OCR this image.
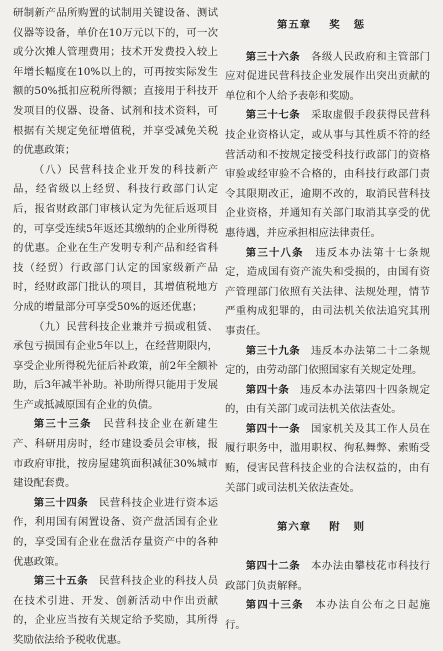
研制新产品所购置的试制用关键设备、测试仪器等设备，单价在10万元以下的，可一次或分次摊人管理费用；技术开发费投入较上年增长幅度在10%以上的，可再按实际发生额的50%抵扣应税所得额；直接用于科技开发项目的仪器、设备、试剂和技术资料，可根据有关规定免征增值税，并享受减免关税的优惠政策；

（八）民营科技企业开发的科技新产品，经省级以上经贸、科技行政部门认定后，报省财政部门审核认定为先征后返项目的，可享受连续5年返还其缴纳的企业所得税的优惠。企业在生产发明专利产品和经省科技（经贸）行政部门认定的国家级新产品时，经财政部门批认的项目，其增值税地方分成的增量部分可享受50%的返还优惠；

（九）民营科技企业兼并亏损或租赁、承包亏损国有企业5年以上，在经营期限内，享受企业所得税先征后补政策，前2年全额补助，后3年减半补助。补助所得只能用于发展生产或抵减原国有企业的负债。

第三十三条　 民营科技企业在新建生产、科研用房时，经市建设委员会审核，报市政府审批，按房屋建筑面积减征30%城市建设配套费。

第三十四条　 民营科技企业进行资本运作，利用国有闲置设备、资产盘活国有企业的，享受国有企业在盘活存量资产中的各种优惠政策。

第三十五条　 民营科技企业的科技人员在技术引进、开发、创新活动中作出贡献的，企业应当按有关规定给予奖励，其所得奖励依法给予税收优惠。

第五章 奖惩

第三十六条　 各级人民政府和主管部门应对促进民营科技企业发展作出突出贡献的单位和个人给予表彰和奖励。

第三十七条　 采取虚假手段获得民营科技企业资格认定，或从事与其性质不符的经营活动和不按规定接受科技行政部门的资格审验或经审验不合格的，由科技行政部门责令其限期改正，逾期不改的，取消民营科技企业资格，并通知有关部门取消其享受的优惠待遇，并应承担相应法律责任。

第三十八条　 违反本办法第十七条规定，造成国有资产流失和受损的，由国有资产管理部门依照有关法律、法规处理，情节严重构成犯罪的，由司法机关依法追究其刑事责任。

第三十九条　 违反本办法第二十二条规定的，由劳动部门依照国家有关规定处理。

第四十条　 违反本办法第四十四条规定的，由有关部门或司法机关依法查处。

第四十一条　 国家机关及其工作人员在履行职务中，滥用职权、徇私舞弊、索贿受贿，侵害民营科技企业的合法权益的，由有关部门或司法机关依法查处。

第六章 附则

第四十二条　 本办法由攀枝花市科技行政部门负责解释。

第四十三条　 本办法自公布之日起施行。
